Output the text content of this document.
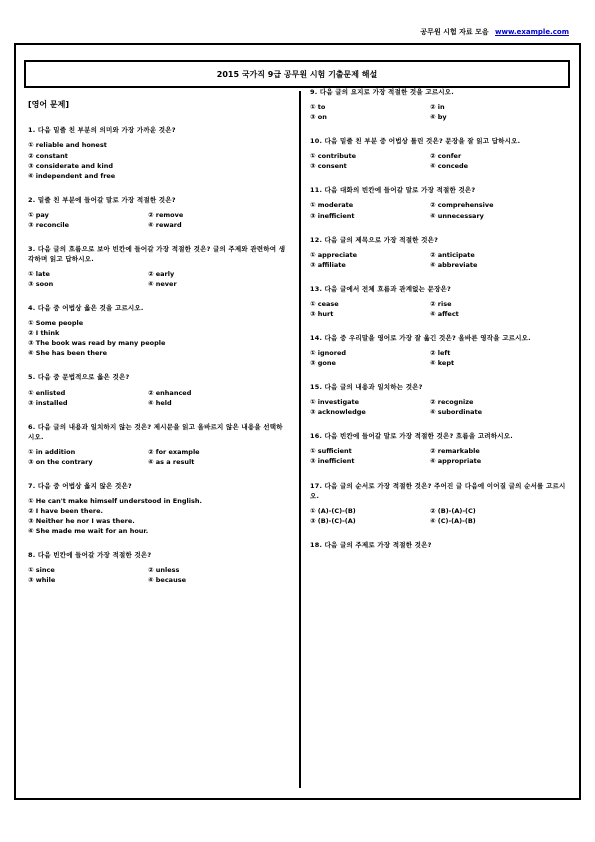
공무원 시험 자료 모음 www.example.com
2015 국가직 9급 공무원 시험 기출문제 해설
[영어 문제]
1. 다음 밑줄 친 부분의 의미와 가장 가까운 것은?
① reliable and honest
② constant
③ considerate and kind
④ independent and free
2. 밑줄 친 부분에 들어갈 말로 가장 적절한 것은?
① pay	② remove
③ reconcile	④ reward
3. 다음 글의 흐름으로 보아 빈칸에 들어갈 가장 적절한 것은? 글의 주제와 관련하여 생각하며 읽고 답하시오.
① late	② early
③ soon	④ never
4. 다음 중 어법상 옳은 것을 고르시오.
① Some people
② I think
③ The book was read by many people
④ She has been there
5. 다음 중 문법적으로 옳은 것은?
① enlisted	② enhanced
③ installed	④ held
6. 다음 글의 내용과 일치하지 않는 것은? 제시문을 읽고 올바르지 않은 내용을 선택하시오.
① in addition	② for example
③ on the contrary	④ as a result
7. 다음 중 어법상 옳지 않은 것은?
① He can't make himself understood in English.
② I have been there.
③ Neither he nor I was there.
④ She made me wait for an hour.
8. 다음 빈칸에 들어갈 가장 적절한 것은?
① since	② unless
③ while	④ because
9. 다음 글의 요지로 가장 적절한 것을 고르시오.
① to	② in
③ on	④ by
10. 다음 밑줄 친 부분 중 어법상 틀린 것은? 문장을 잘 읽고 답하시오.
① contribute	② confer
③ consent	④ concede
11. 다음 대화의 빈칸에 들어갈 말로 가장 적절한 것은?
① moderate	② comprehensive
③ inefficient	④ unnecessary
12. 다음 글의 제목으로 가장 적절한 것은?
① appreciate	② anticipate
③ affiliate	④ abbreviate
13. 다음 글에서 전체 흐름과 관계없는 문장은?
① cease	② rise
③ hurt	④ affect
14. 다음 중 우리말을 영어로 가장 잘 옮긴 것은? 올바른 영작을 고르시오.
① ignored	② left
③ gone	④ kept
15. 다음 글의 내용과 일치하는 것은?
① investigate	② recognize
③ acknowledge	④ subordinate
16. 다음 빈칸에 들어갈 말로 가장 적절한 것은? 흐름을 고려하시오.
① sufficient	② remarkable
③ inefficient	④ appropriate
17. 다음 글의 순서로 가장 적절한 것은? 주어진 글 다음에 이어질 글의 순서를 고르시오.
① (A)-(C)-(B)	② (B)-(A)-(C)
③ (B)-(C)-(A)	④ (C)-(A)-(B)
18. 다음 글의 주제로 가장 적절한 것은?
